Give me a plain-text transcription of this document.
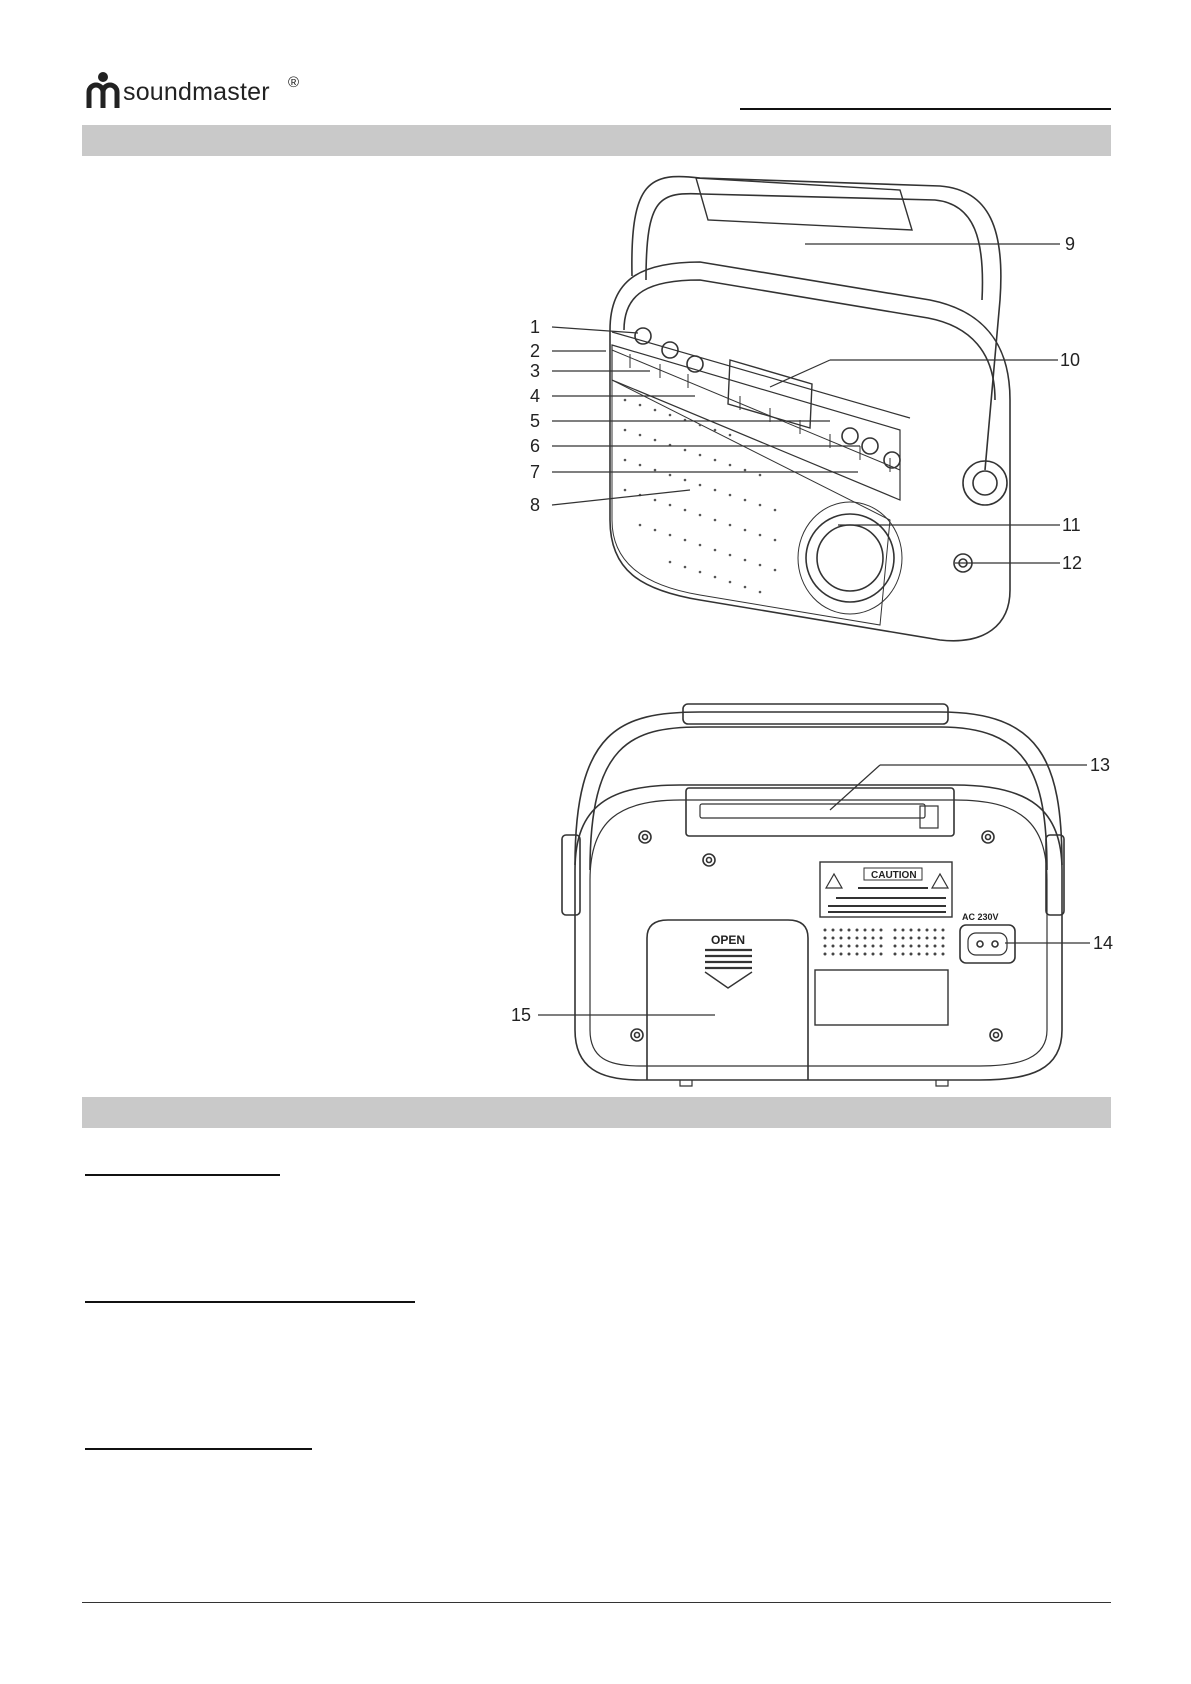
soundmaster ®
1
2
3
4
5
6
7
8
9
10
11
12
13
14
15
CAUTION
OPEN
AC 230V
